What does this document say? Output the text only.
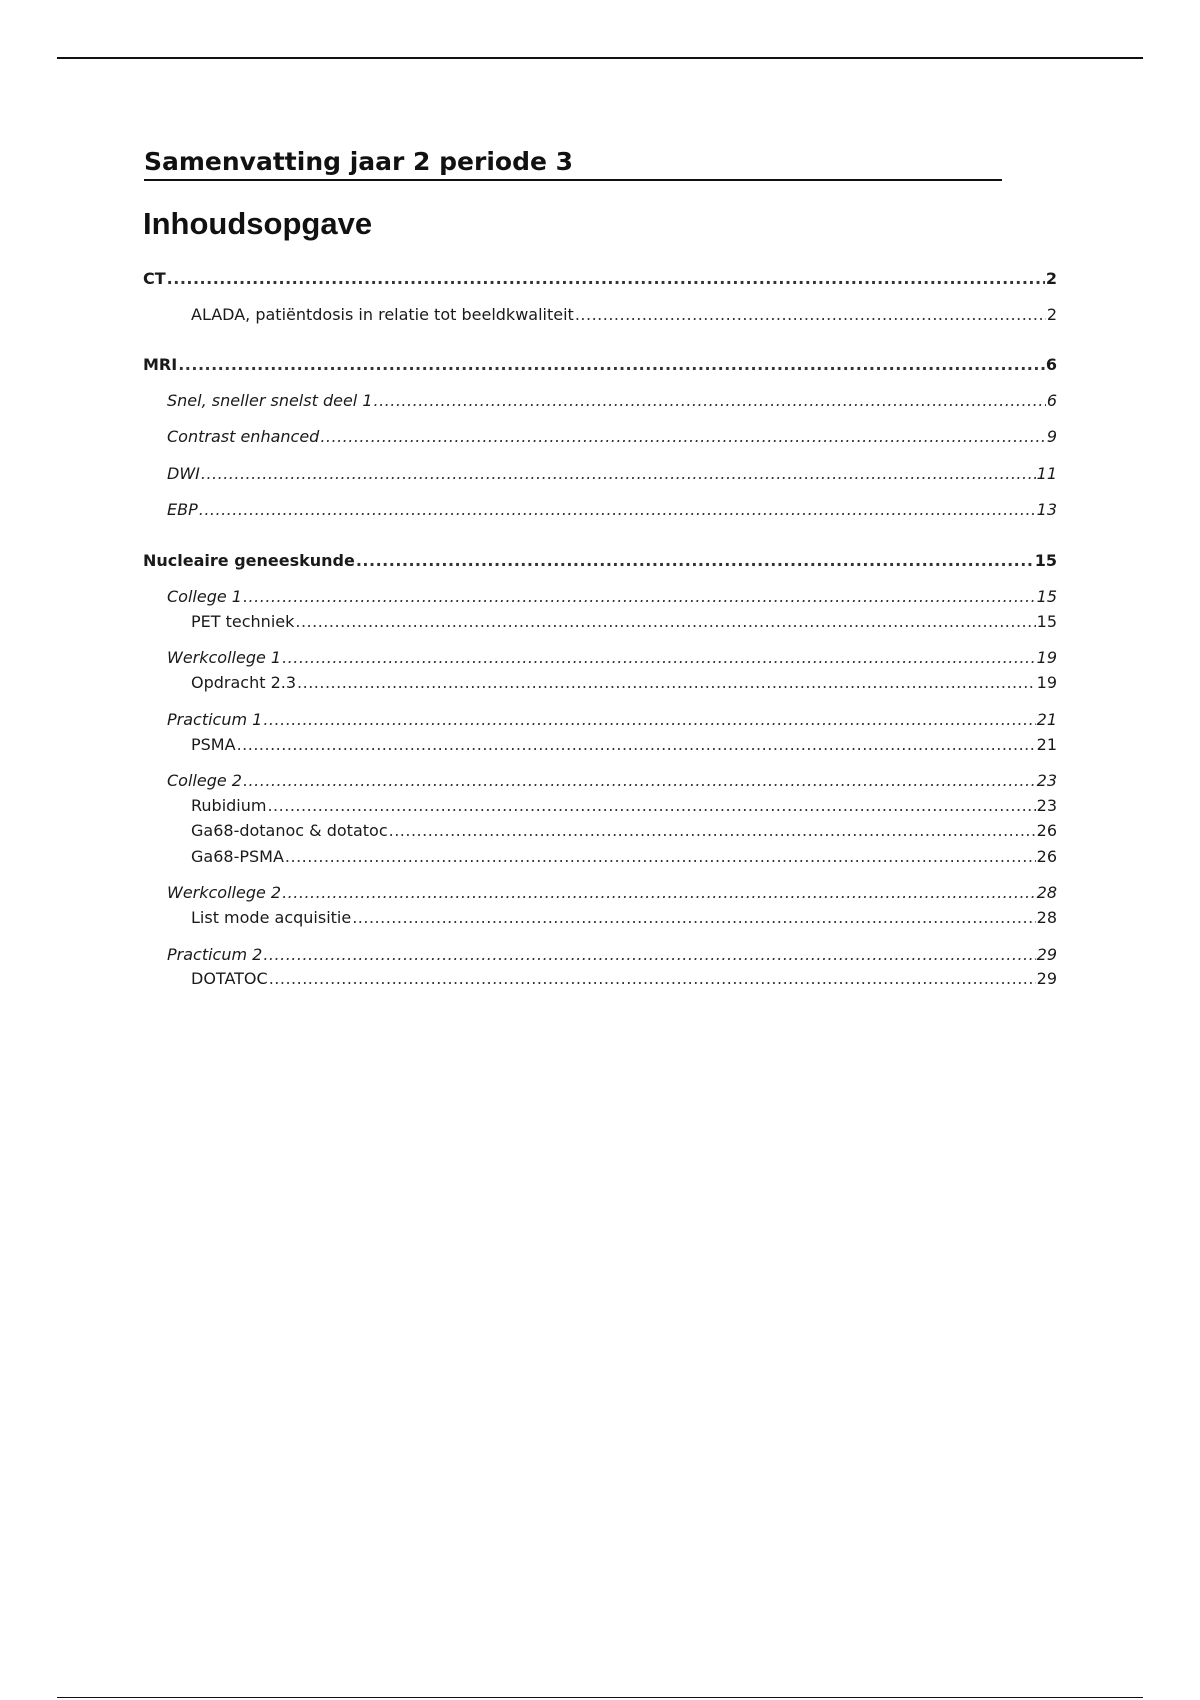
Samenvatting jaar 2 periode 3
Inhoudsopgave
CT .....	2
ALADA, patiëntdosis in relatie tot beeldkwaliteit .....	2
MRI .....	6
Snel, sneller snelst deel 1 .....	6
Contrast enhanced .....	9
DWI .....	11
EBP .....	13
Nucleaire geneeskunde .....	15
College 1 .....	15
PET techniek .....	15
Werkcollege 1 .....	19
Opdracht 2.3 .....	19
Practicum 1 .....	21
PSMA .....	21
College 2 .....	23
Rubidium .....	23
Ga68-dotanoc & dotatoc .....	26
Ga68-PSMA .....	26
Werkcollege 2 .....	28
List mode acquisitie .....	28
Practicum 2 .....	29
DOTATOC .....	29
